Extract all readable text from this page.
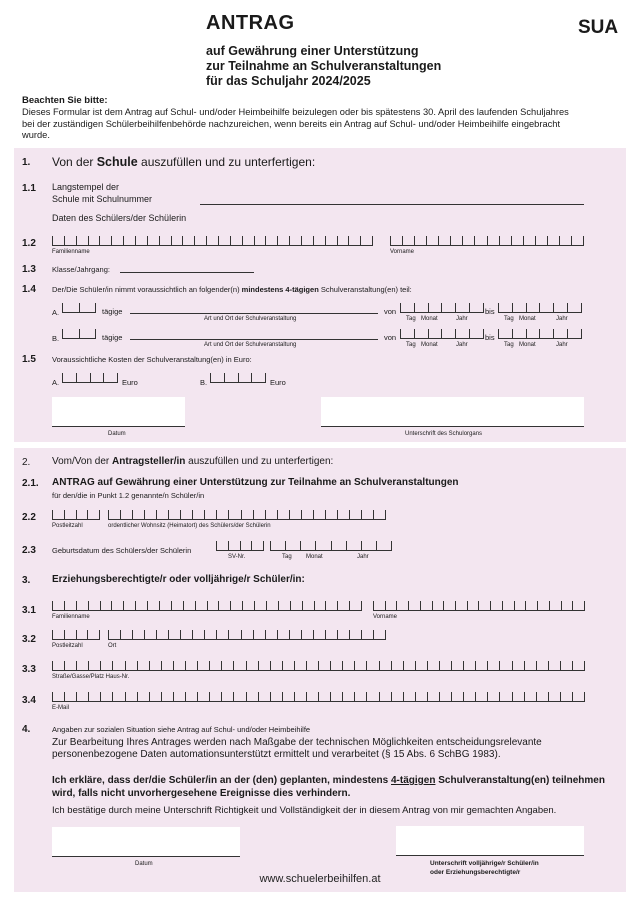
ANTRAG	SUA
auf Gewährung einer Unterstützung
zur Teilnahme an Schulveranstaltungen
für das Schuljahr 2024/2025
Beachten Sie bitte:
Dieses Formular ist dem Antrag auf Schul- und/oder Heimbeihilfe beizulegen oder bis spätestens 30. April des laufenden Schuljahres bei der zuständigen Schülerbeihilfenbehörde nachzureichen, wenn bereits ein Antrag auf Schul- und/oder Heimbeihilfe eingebracht wurde.
1. Von der Schule auszufüllen und zu unterfertigen:
1.1 Langstempel der
Schule mit Schulnummer
Daten des Schülers/der Schülerin
1.2
Familienname	Vorname
1.3 Klasse/Jahrgang:
1.4 Der/Die Schüler/in nimmt voraussichtlich an folgender(n) mindestens 4-tägigen Schulveranstaltung(en) teil:
A.	tägige
Art und Ort der Schulveranstaltung
von	bis
Tag Monat	Jahr	Tag Monat	Jahr
B.	tägige
Art und Ort der Schulveranstaltung
von	bis
Tag Monat	Jahr	Tag Monat	Jahr
1.5 Voraussichtliche Kosten der Schulveranstaltung(en) in Euro:
A.	Euro	B.	Euro
Datum	Unterschrift des Schulorgans
2. Vom/Von der Antragsteller/in auszufüllen und zu unterfertigen:
2.1. ANTRAG auf Gewährung einer Unterstützung zur Teilnahme an Schulveranstaltungen
für den/die in Punkt 1.2 genannte/n Schüler/in
2.2
Postleitzahl	ordentlicher Wohnsitz (Heimatort) des Schülers/der Schülerin
2.3 Geburtsdatum des Schülers/der Schülerin
SV-Nr.	Tag Monat	Jahr
3. Erziehungsberechtigte/r oder volljährige/r Schüler/in:
3.1
Familienname	Vorname
3.2
Postleitzahl	Ort
3.3
Straße/Gasse/Platz Haus-Nr.
3.4
E-Mail
4.	Angaben zur sozialen Situation siehe Antrag auf Schul- und/oder Heimbeihilfe
Zur Bearbeitung Ihres Antrages werden nach Maßgabe der technischen Möglichkeiten entscheidungsrelevante personenbezogene Daten automationsunterstützt ermittelt und verarbeitet (§ 15 Abs. 6 SchBG 1983).
Ich erkläre, dass der/die Schüler/in an der (den) geplanten, mindestens 4-tägigen Schulveranstaltung(en) teilnehmen wird, falls nicht unvorhergesehene Ereignisse dies verhindern.
Ich bestätige durch meine Unterschrift Richtigkeit und Vollständigkeit der in diesem Antrag von mir gemachten Angaben.
Datum	Unterschrift volljährige/r Schüler/in
oder Erziehungsberechtigte/r
www.schuelerbeihilfen.at
